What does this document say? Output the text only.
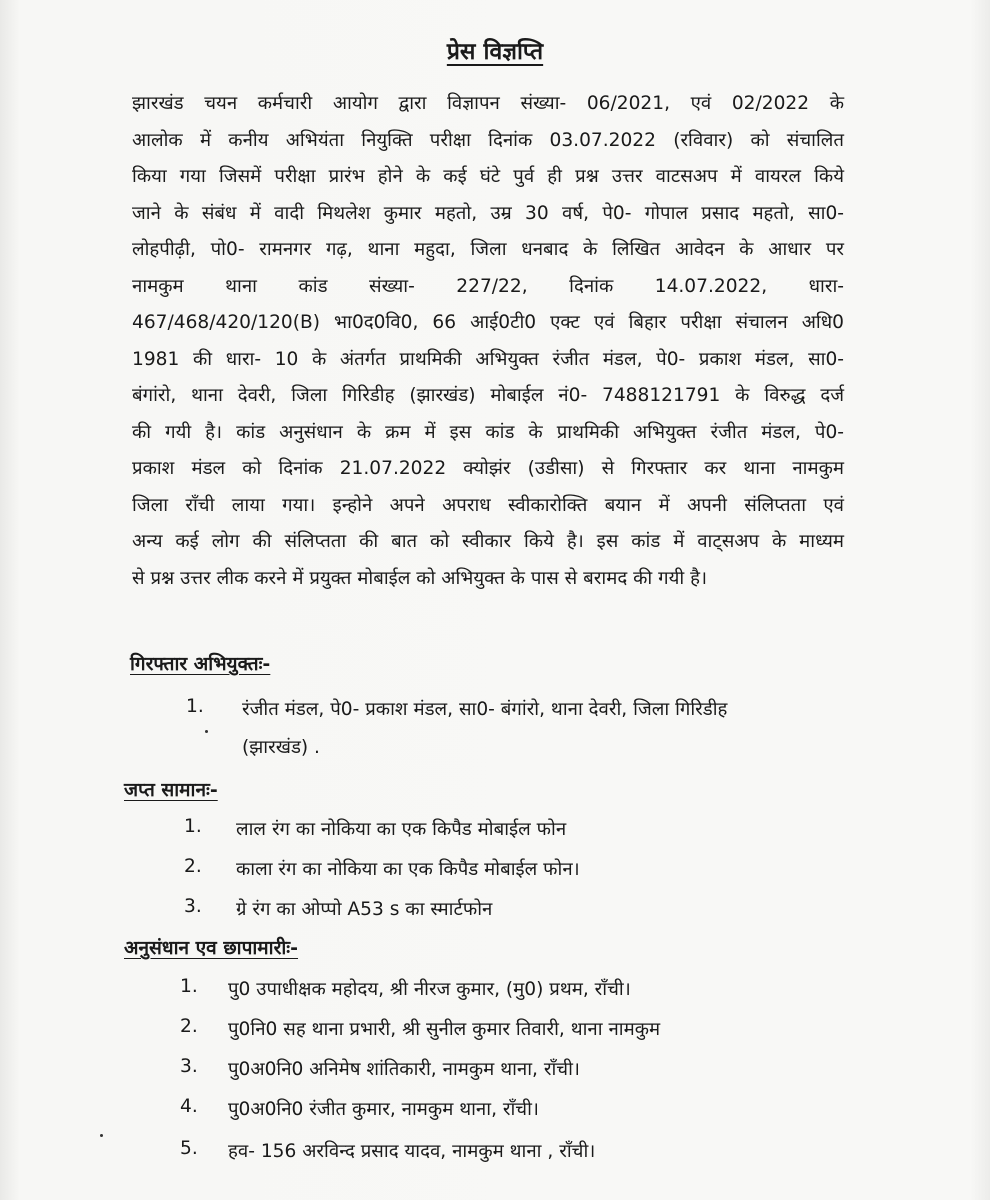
प्रेस विज्ञप्ति
झारखंड चयन कर्मचारी आयोग द्वारा विज्ञापन संख्या- 06/2021, एवं 02/2022 के
आलोक में कनीय अभियंता नियुक्ति परीक्षा दिनांक 03.07.2022 (रविवार) को संचालित
किया गया जिसमें परीक्षा प्रारंभ होने के कई घंटे पुर्व ही प्रश्न उत्तर वाटसअप में वायरल किये
जाने के संबंध में वादी मिथलेश कुमार महतो, उम्र 30 वर्ष, पे0- गोपाल प्रसाद महतो, सा0-
लोहपीढ़ी, पो0- रामनगर गढ़, थाना महुदा, जिला धनबाद के लिखित आवेदन के आधार पर
नामकुम थाना कांड संख्या- 227/22, दिनांक 14.07.2022, धारा-
467/468/420/120(B) भा0द0वि0, 66 आई0टी0 एक्ट एवं बिहार परीक्षा संचालन अधि0
1981 की धारा- 10 के अंतर्गत प्राथमिकी अभियुक्त रंजीत मंडल, पे0- प्रकाश मंडल, सा0-
बंगांरो, थाना देवरी, जिला गिरिडीह (झारखंड) मोबाईल नं0- 7488121791 के विरुद्ध दर्ज
की गयी है। कांड अनुसंधान के क्रम में इस कांड के प्राथमिकी अभियुक्त रंजीत मंडल, पे0-
प्रकाश मंडल को दिनांक 21.07.2022 क्योझंर (उडीसा) से गिरफ्तार कर थाना नामकुम
जिला राँची लाया गया। इन्होने अपने अपराध स्वीकारोक्ति बयान में अपनी संलिप्तता एवं
अन्य कई लोग की संलिप्तता की बात को स्वीकार किये है। इस कांड में वाट्सअप के माध्यम
से प्रश्न उत्तर लीक करने में प्रयुक्त मोबाईल को अभियुक्त के पास से बरामद की गयी है।
गिरफ्तार अभियुक्तः-
1. रंजीत मंडल, पे0- प्रकाश मंडल, सा0- बंगांरो, थाना देवरी, जिला गिरिडीह
(झारखंड) .
जप्त सामानः-
1. लाल रंग का नोकिया का एक किपैड मोबाईल फोन
2. काला रंग का नोकिया का एक किपैड मोबाईल फोन।
3. ग्रे रंग का ओप्पो A53 s का स्मार्टफोन
अनुसंधान एव छापामारीः-
1. पु0 उपाधीक्षक महोदय, श्री नीरज कुमार, (मु0) प्रथम, राँची।
2. पु0नि0 सह थाना प्रभारी, श्री सुनील कुमार तिवारी, थाना नामकुम
3. पु0अ0नि0 अनिमेष शांतिकारी, नामकुम थाना, राँची।
4. पु0अ0नि0 रंजीत कुमार, नामकुम थाना, राँची।
5. हव- 156 अरविन्द प्रसाद यादव, नामकुम थाना , राँची।
